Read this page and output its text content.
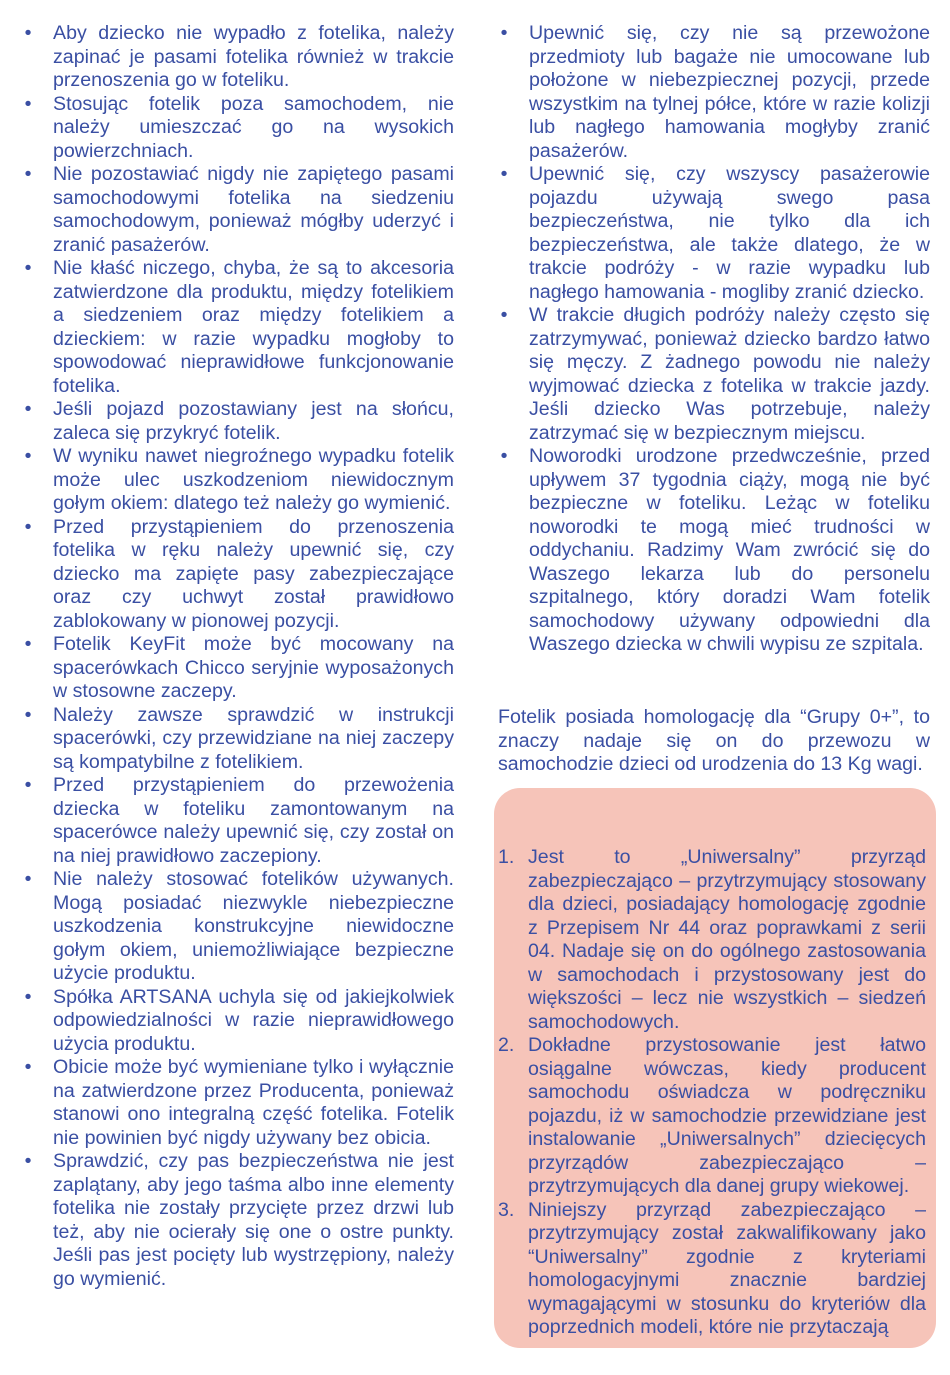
• Aby dziecko nie wypadło z fotelika, należy zapinać je pasami fotelika również w trakcie przenoszenia go w foteliku.
• Stosując fotelik poza samochodem, nie należy umieszczać go na wysokich powierzchniach.
• Nie pozostawiać nigdy nie zapiętego pasami samochodowymi fotelika na siedzeniu samochodowym, ponieważ mógłby uderzyć i zranić pasażerów.
• Nie kłaść niczego, chyba, że są to akcesoria zatwierdzone dla produktu, między fotelikiem a siedzeniem oraz między fotelikiem a dzieckiem: w razie wypadku mogłoby to spowodować nieprawidłowe funkcjonowanie fotelika.
• Jeśli pojazd pozostawiany jest na słońcu, zaleca się przykryć fotelik.
• W wyniku nawet niegroźnego wypadku fotelik może ulec uszkodzeniom niewidocznym gołym okiem: dlatego też należy go wymienić.
• Przed przystąpieniem do przenoszenia fotelika w ręku należy upewnić się, czy dziecko ma zapięte pasy zabezpieczające oraz czy uchwyt został prawidłowo zablokowany w pionowej pozycji.
• Fotelik KeyFit może być mocowany na spacerówkach Chicco seryjnie wyposażonych w stosowne zaczepy.
• Należy zawsze sprawdzić w instrukcji spacerówki, czy przewidziane na niej zaczepy są kompatybilne z fotelikiem.
• Przed przystąpieniem do przewożenia dziecka w foteliku zamontowanym na spacerówce należy upewnić się, czy został on na niej prawidłowo zaczepiony.
• Nie należy stosować fotelików używanych. Mogą posiadać niezwykle niebezpieczne uszkodzenia konstrukcyjne niewidoczne gołym okiem, uniemożliwiające bezpieczne użycie produktu.
• Spółka ARTSANA uchyla się od jakiejkolwiek odpowiedzialności w razie nieprawidłowego użycia produktu.
• Obicie może być wymieniane tylko i wyłącznie na zatwierdzone przez Producenta, ponieważ stanowi ono integralną część fotelika. Fotelik nie powinien być nigdy używany bez obicia.
• Sprawdzić, czy pas bezpieczeństwa nie jest zaplątany, aby jego taśma albo inne elementy fotelika nie zostały przycięte przez drzwi lub też, aby nie ocierały się one o ostre punkty. Jeśli pas jest pocięty lub wystrzępiony, należy go wymienić.
• Upewnić się, czy nie są przewożone przedmioty lub bagaże nie umocowane lub położone w niebezpiecznej pozycji, przede wszystkim na tylnej półce, które w razie kolizji lub nagłego hamowania mogłyby zranić pasażerów.
• Upewnić się, czy wszyscy pasażerowie pojazdu używają swego pasa bezpieczeństwa, nie tylko dla ich bezpieczeństwa, ale także dlatego, że w trakcie podróży - w razie wypadku lub nagłego hamowania - mogliby zranić dziecko.
• W trakcie długich podróży należy często się zatrzymywać, ponieważ dziecko bardzo łatwo się męczy. Z żadnego powodu nie należy wyjmować dziecka z fotelika w trakcie jazdy. Jeśli dziecko Was potrzebuje, należy zatrzymać się w bezpiecznym miejscu.
• Noworodki urodzone przedwcześnie, przed upływem 37 tygodnia ciąży, mogą nie być bezpieczne w foteliku. Leżąc w foteliku noworodki te mogą mieć trudności w oddychaniu. Radzimy Wam zwrócić się do Waszego lekarza lub do personelu szpitalnego, który doradzi Wam fotelik samochodowy używany odpowiedni dla Waszego dziecka w chwili wypisu ze szpitala.

Fotelik posiada homologację dla “Grupy 0+”, to znaczy nadaje się on do przewozu w samochodzie dzieci od urodzenia do 13 Kg wagi.

1. Jest to „Uniwersalny” przyrząd zabezpieczająco – przytrzymujący stosowany dla dzieci, posiadający homologację zgodnie z Przepisem Nr 44 oraz poprawkami z serii 04. Nadaje się on do ogólnego zastosowania w samochodach i przystosowany jest do większości – lecz nie wszystkich – siedzeń samochodowych.
2. Dokładne przystosowanie jest łatwo osiągalne wówczas, kiedy producent samochodu oświadcza w podręczniku pojazdu, iż w samochodzie przewidziane jest instalowanie „Uniwersalnych” dziecięcych przyrządów zabezpieczająco – przytrzymujących dla danej grupy wiekowej.
3. Niniejszy przyrząd zabezpieczająco – przytrzymujący został zakwalifikowany jako “Uniwersalny” zgodnie z kryteriami homologacyjnymi znacznie bardziej wymagającymi w stosunku do kryteriów dla poprzednich modeli, które nie przytaczają
